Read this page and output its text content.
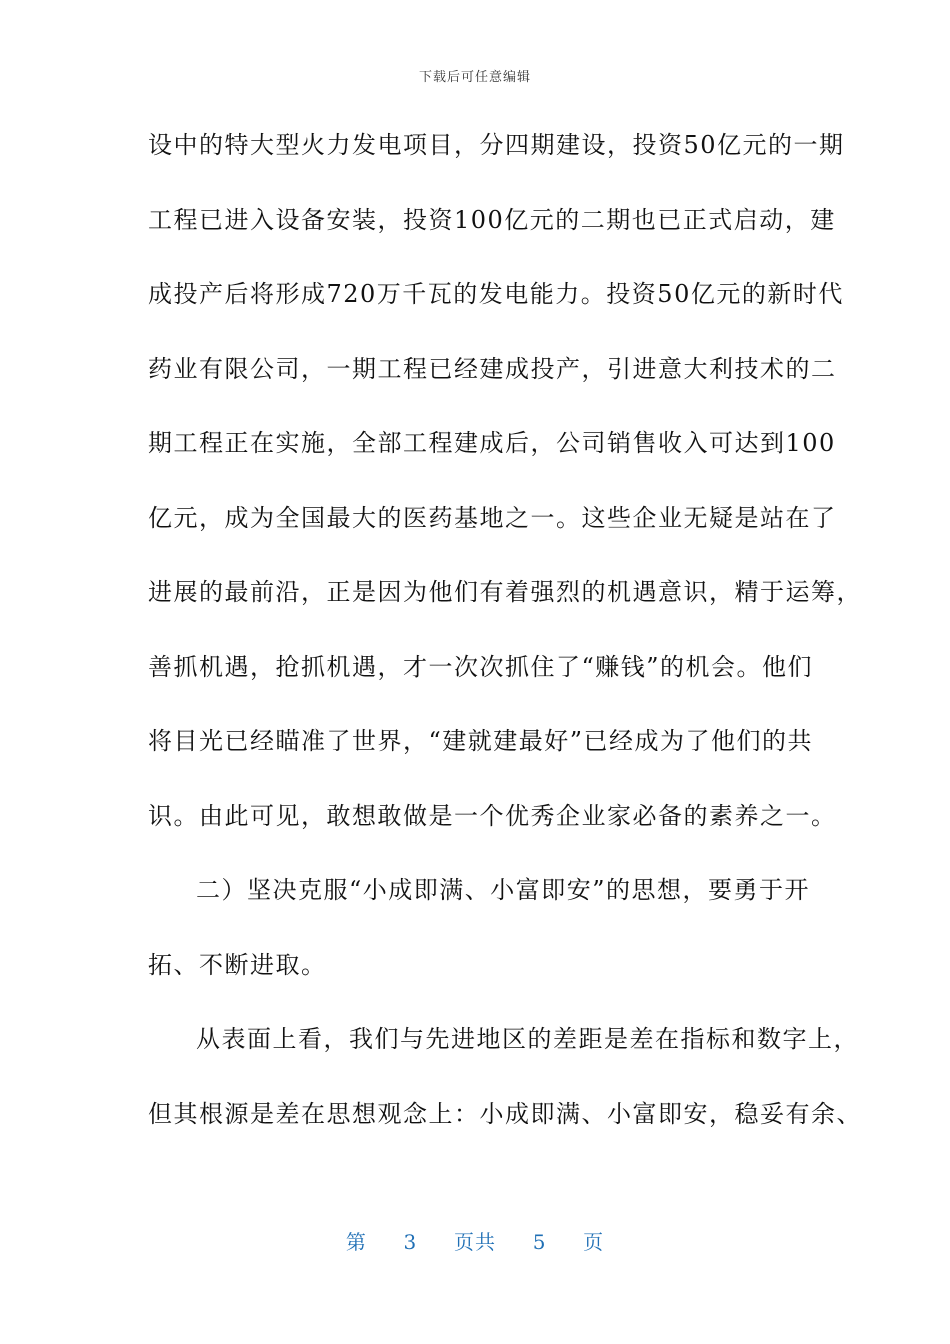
下载后可任意编辑
设中的特大型火力发电项目，分四期建设，投资50亿元的一期
工程已进入设备安装，投资100亿元的二期也已正式启动，建
成投产后将形成720万千瓦的发电能力。投资50亿元的新时代
药业有限公司，一期工程已经建成投产，引进意大利技术的二
期工程正在实施，全部工程建成后，公司销售收入可达到100
亿元，成为全国最大的医药基地之一。这些企业无疑是站在了
进展的最前沿，正是因为他们有着强烈的机遇意识，精于运筹，
善抓机遇，抢抓机遇，才一次次抓住了“赚钱”的机会。他们
将目光已经瞄准了世界，“建就建最好”已经成为了他们的共
识。由此可见，敢想敢做是一个优秀企业家必备的素养之一。
二）坚决克服“小成即满、小富即安”的思想，要勇于开
拓、不断进取。
从表面上看，我们与先进地区的差距是差在指标和数字上，
但其根源是差在思想观念上：小成即满、小富即安，稳妥有余、
第 3 页共 5 页
